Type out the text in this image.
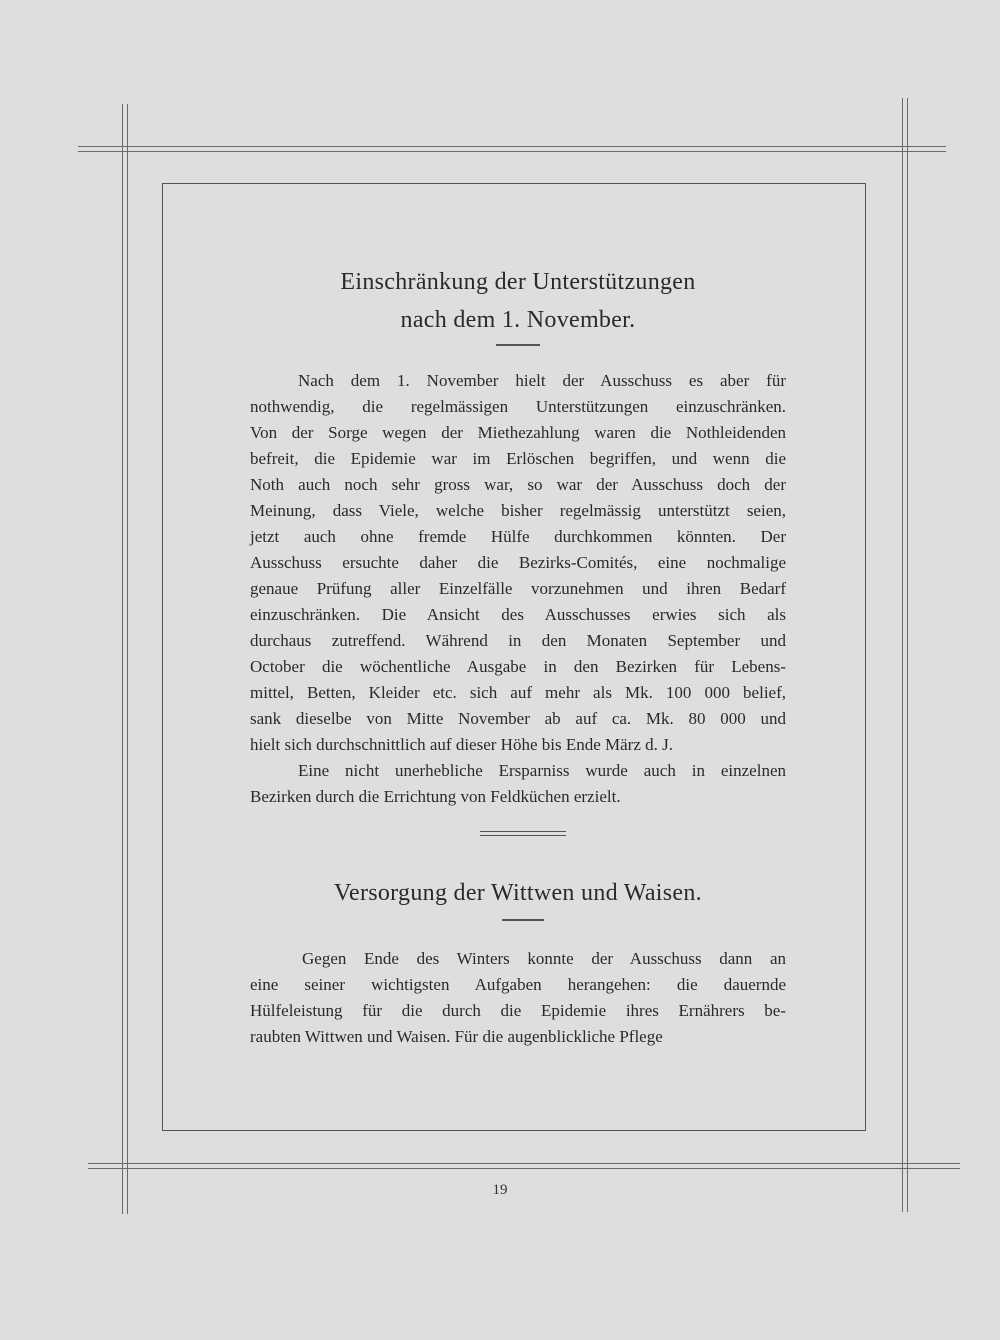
Einschränkung der Unterstützungen
nach dem 1. November.
Nach dem 1. November hielt der Ausschuss es aber für
nothwendig, die regelmässigen Unterstützungen einzuschränken.
Von der Sorge wegen der Miethezahlung waren die Nothleidenden
befreit, die Epidemie war im Erlöschen begriffen, und wenn die
Noth auch noch sehr gross war, so war der Ausschuss doch der
Meinung, dass Viele, welche bisher regelmässig unterstützt seien,
jetzt auch ohne fremde Hülfe durchkommen könnten. Der
Ausschuss ersuchte daher die Bezirks-Comités, eine nochmalige
genaue Prüfung aller Einzelfälle vorzunehmen und ihren Bedarf
einzuschränken. Die Ansicht des Ausschusses erwies sich als
durchaus zutreffend. Während in den Monaten September und
October die wöchentliche Ausgabe in den Bezirken für Lebens-
mittel, Betten, Kleider etc. sich auf mehr als Mk. 100 000 belief,
sank dieselbe von Mitte November ab auf ca. Mk. 80 000 und
hielt sich durchschnittlich auf dieser Höhe bis Ende März d. J.
Eine nicht unerhebliche Ersparniss wurde auch in einzelnen
Bezirken durch die Errichtung von Feldküchen erzielt.
Versorgung der Wittwen und Waisen.
Gegen Ende des Winters konnte der Ausschuss dann an
eine seiner wichtigsten Aufgaben herangehen: die dauernde
Hülfeleistung für die durch die Epidemie ihres Ernährers be-
raubten Wittwen und Waisen. Für die augenblickliche Pflege
19
